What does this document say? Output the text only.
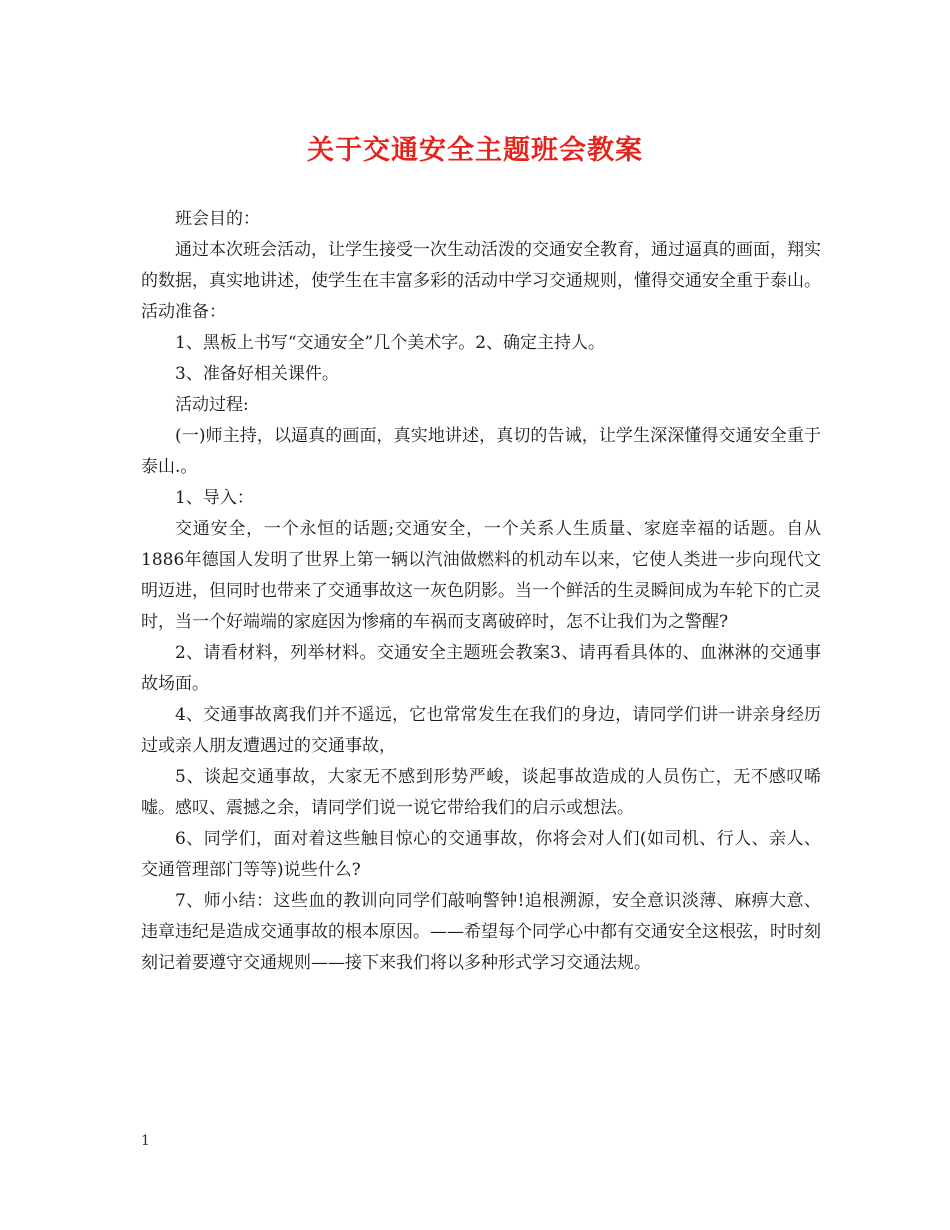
关于交通安全主题班会教案

班会目的：

通过本次班会活动，让学生接受一次生动活泼的交通安全教育，通过逼真的画面，翔实的数据，真实地讲述，使学生在丰富多彩的活动中学习交通规则，懂得交通安全重于泰山。 活动准备：

1、黑板上书写“交通安全”几个美术字。2、确定主持人。

3、准备好相关课件。

活动过程:

(一)师主持，以逼真的画面，真实地讲述，真切的告诫，让学生深深懂得交通安全重于泰山.。

1、导入：

交通安全，一个永恒的话题;交通安全，一个关系人生质量、家庭幸福的话题。自从1886年德国人发明了世界上第一辆以汽油做燃料的机动车以来，它使人类进一步向现代文明迈进，但同时也带来了交通事故这一灰色阴影。当一个鲜活的生灵瞬间成为车轮下的亡灵时，当一个好端端的家庭因为惨痛的车祸而支离破碎时，怎不让我们为之警醒?

2、请看材料，列举材料。交通安全主题班会教案3、请再看具体的、血淋淋的交通事故场面。

4、交通事故离我们并不遥远，它也常常发生在我们的身边，请同学们讲一讲亲身经历过或亲人朋友遭遇过的交通事故，

5、谈起交通事故，大家无不感到形势严峻，谈起事故造成的人员伤亡，无不感叹唏嘘。感叹、震撼之余，请同学们说一说它带给我们的启示或想法。

6、同学们，面对着这些触目惊心的交通事故，你将会对人们(如司机、行人、亲人、交通管理部门等等)说些什么?

7、师小结：这些血的教训向同学们敲响警钟!追根溯源，安全意识淡薄、麻痹大意、违章违纪是造成交通事故的根本原因。——希望每个同学心中都有交通安全这根弦，时时刻刻记着要遵守交通规则——接下来我们将以多种形式学习交通法规。

1
